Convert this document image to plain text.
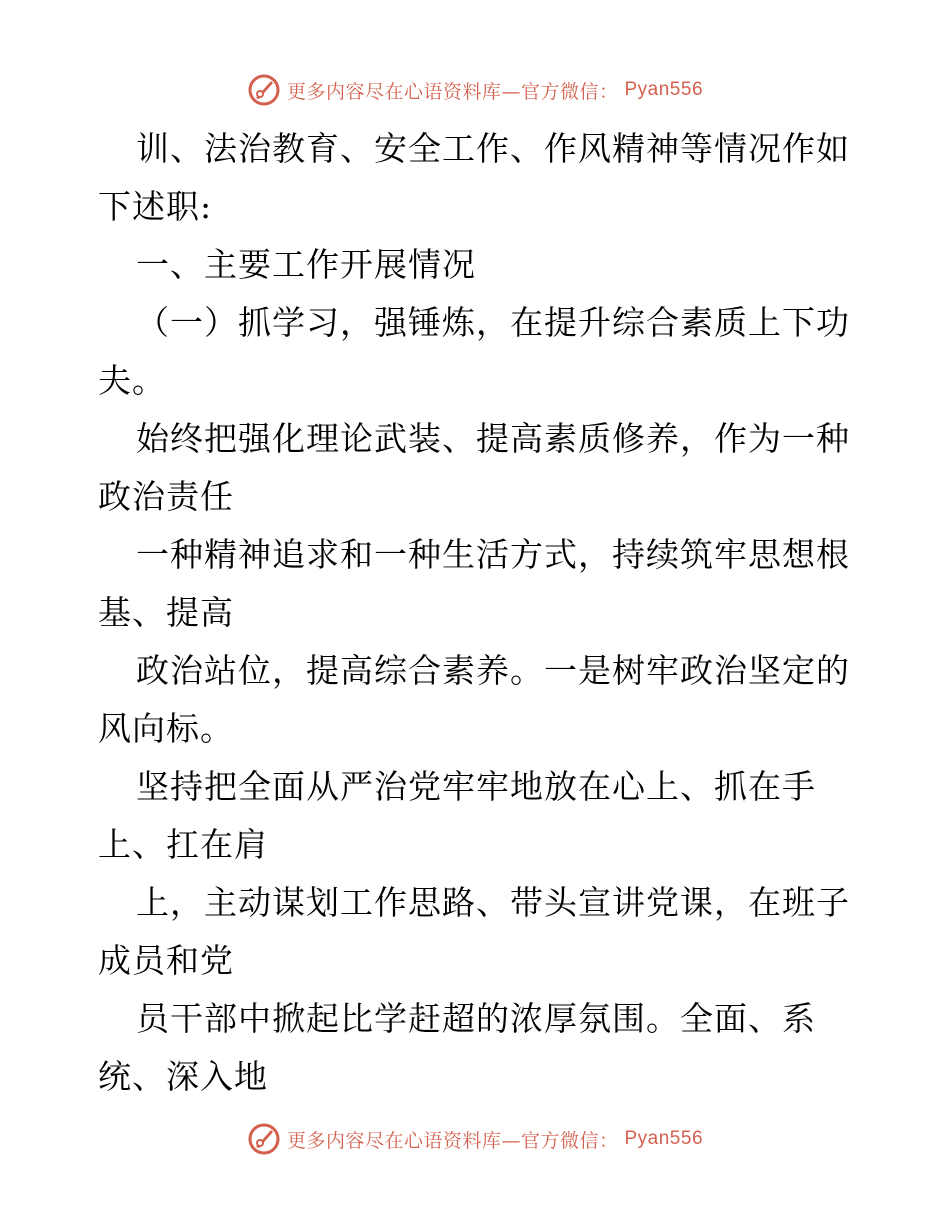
更多内容尽在心语资料库—官方微信： Pyan556

训、法治教育、安全工作、作风精神等情况作如

下述职:

一、主要工作开展情况

（一）抓学习，强锤炼，在提升综合素质上下功

夫。

始终把强化理论武装、提高素质修养，作为一种

政治责任

一种精神追求和一种生活方式，持续筑牢思想根

基、提高

政治站位，提高综合素养。一是树牢政治坚定的

风向标。

坚持把全面从严治党牢牢地放在心上、抓在手

上、扛在肩

上，主动谋划工作思路、带头宣讲党课，在班子

成员和党

员干部中掀起比学赶超的浓厚氛围。全面、系

统、深入地

更多内容尽在心语资料库—官方微信： Pyan556
